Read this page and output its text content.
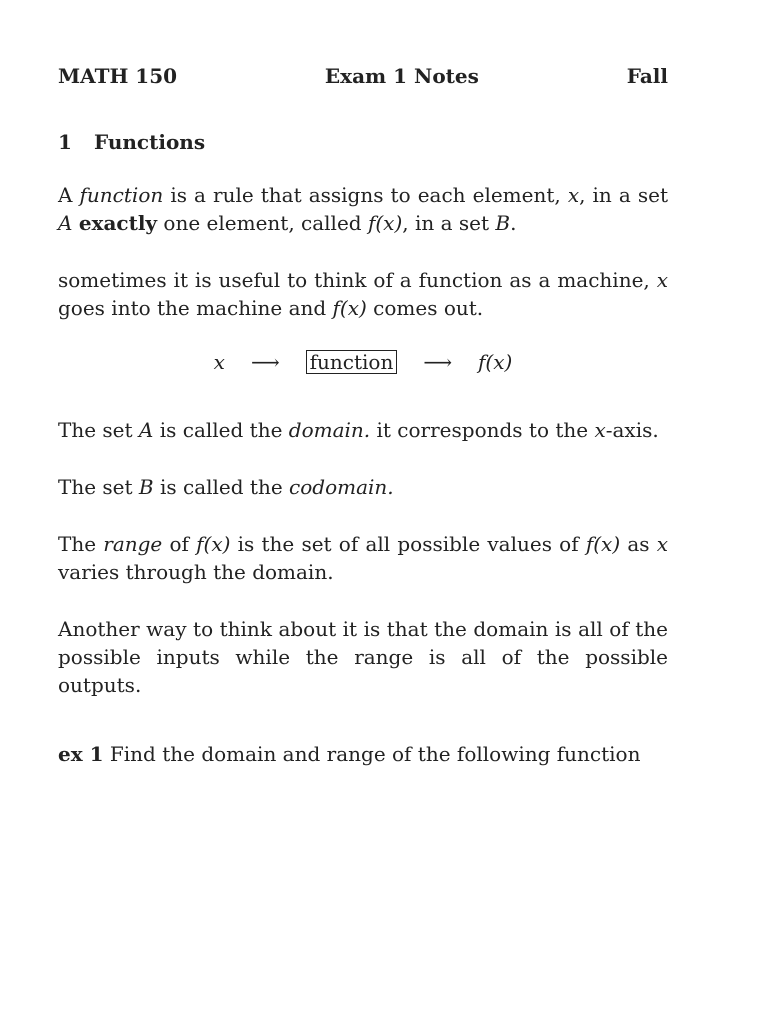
MATH 150	Exam 1 Notes	Fall
1 Functions
A function is a rule that assigns to each element, x, in a set A exactly one element, called f(x), in a set B.
sometimes it is useful to think of a function as a machine, x goes into the machine and f(x) comes out.
x ⟶ function ⟶ f(x)
The set A is called the domain. it corresponds to the x-axis.
The set B is called the codomain.
The range of f(x) is the set of all possible values of f(x) as x varies through the domain.
Another way to think about it is that the domain is all of the possible inputs while the range is all of the possible outputs.
ex 1 Find the domain and range of the following function
